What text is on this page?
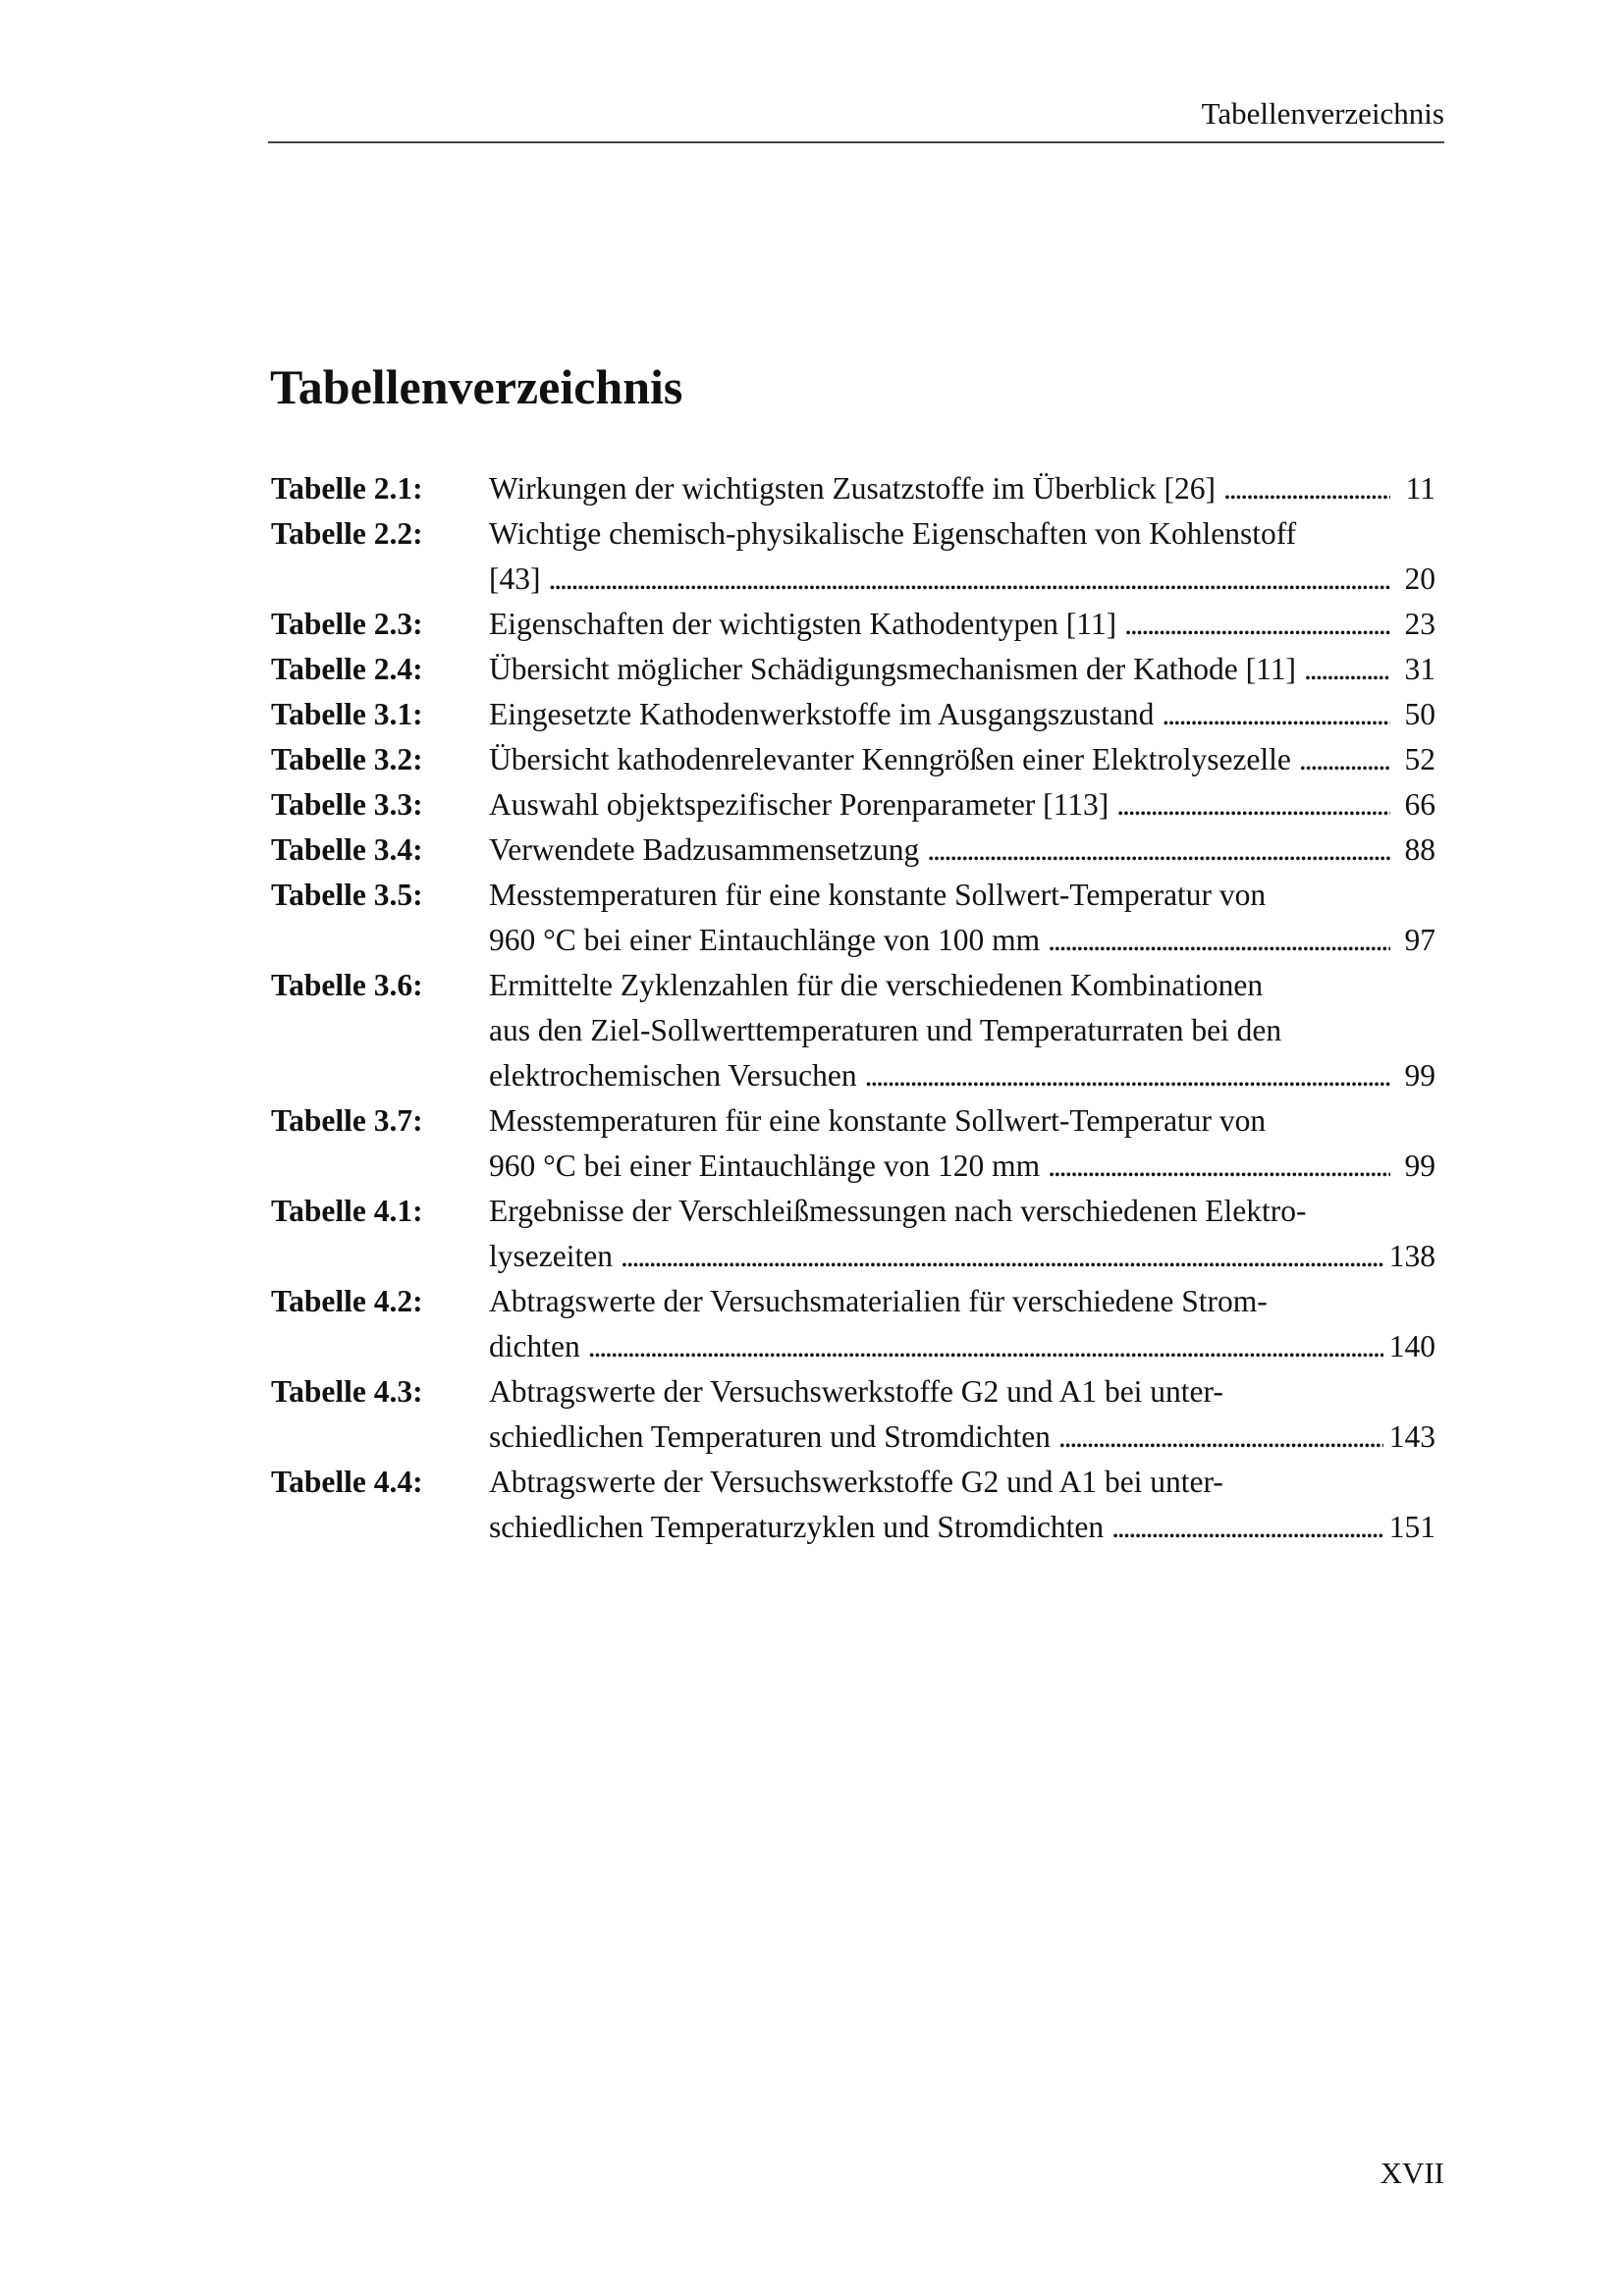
Tabellenverzeichnis
Tabellenverzeichnis
Tabelle 2.1:	Wirkungen der wichtigsten Zusatzstoffe im Überblick [26] . . .	11
Tabelle 2.2:	Wichtige chemisch-physikalische Eigenschaften von Kohlenstoff
[43] . . .	20
Tabelle 2.3:	Eigenschaften der wichtigsten Kathodentypen [11] . . .	23
Tabelle 2.4:	Übersicht möglicher Schädigungsmechanismen der Kathode [11] . . .	31
Tabelle 3.1:	Eingesetzte Kathodenwerkstoffe im Ausgangszustand . . .	50
Tabelle 3.2:	Übersicht kathodenrelevanter Kenngrößen einer Elektrolysezelle . . .	52
Tabelle 3.3:	Auswahl objektspezifischer Porenparameter [113] . . .	66
Tabelle 3.4:	Verwendete Badzusammensetzung . . .	88
Tabelle 3.5:	Messtemperaturen für eine konstante Sollwert-Temperatur von
960 °C bei einer Eintauchlänge von 100 mm . . .	97
Tabelle 3.6:	Ermittelte Zyklenzahlen für die verschiedenen Kombinationen
aus den Ziel-Sollwerttemperaturen und Temperaturraten bei den
elektrochemischen Versuchen . . .	99
Tabelle 3.7:	Messtemperaturen für eine konstante Sollwert-Temperatur von
960 °C bei einer Eintauchlänge von 120 mm . . .	99
Tabelle 4.1:	Ergebnisse der Verschleißmessungen nach verschiedenen Elektro-
lysezeiten . . .	138
Tabelle 4.2:	Abtragswerte der Versuchsmaterialien für verschiedene Strom-
dichten . . .	140
Tabelle 4.3:	Abtragswerte der Versuchswerkstoffe G2 und A1 bei unter-
schiedlichen Temperaturen und Stromdichten . . .	143
Tabelle 4.4:	Abtragswerte der Versuchswerkstoffe G2 und A1 bei unter-
schiedlichen Temperaturzyklen und Stromdichten . . .	151
XVII
